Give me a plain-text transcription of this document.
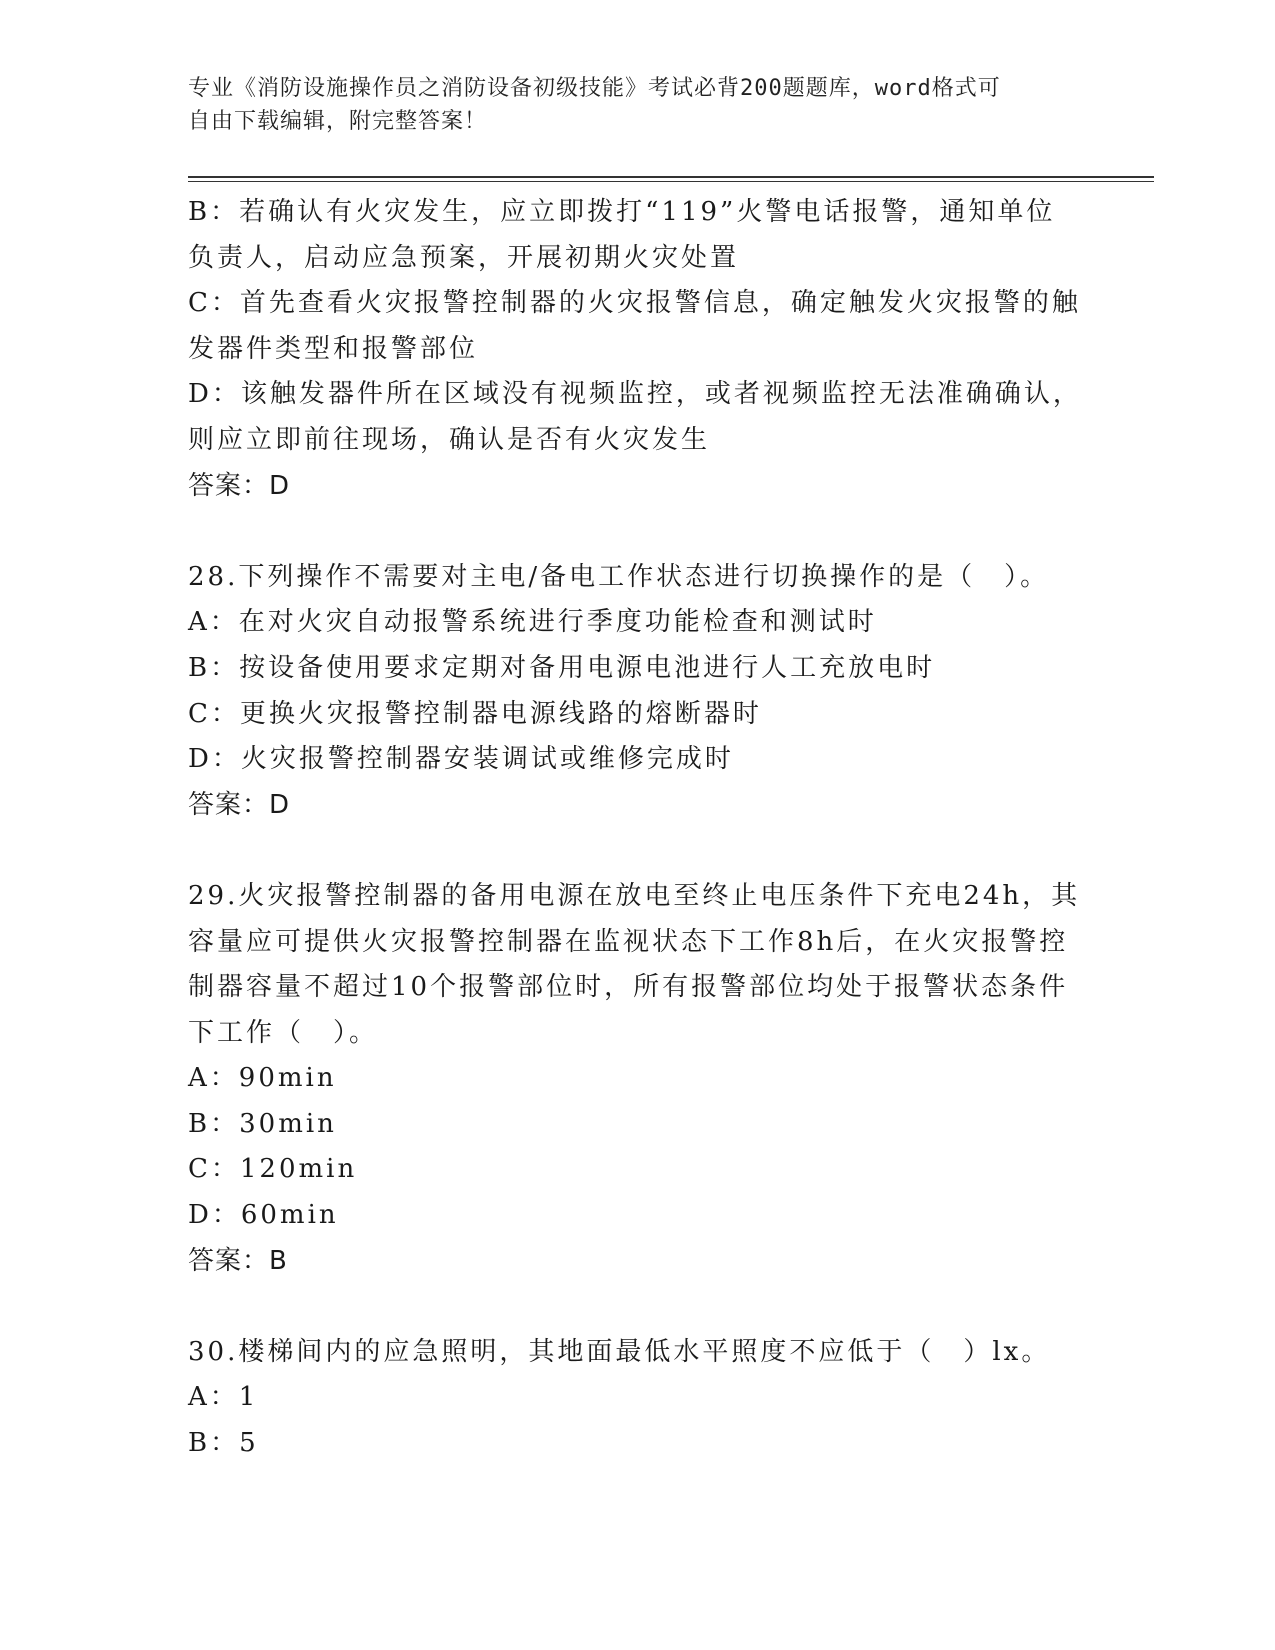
专业《消防设施操作员之消防设备初级技能》考试必背200题题库，word格式可
自由下载编辑，附完整答案！
B：若确认有火灾发生，应立即拨打“119”火警电话报警，通知单位
负责人，启动应急预案，开展初期火灾处置
C：首先查看火灾报警控制器的火灾报警信息，确定触发火灾报警的触
发器件类型和报警部位
D：该触发器件所在区域没有视频监控，或者视频监控无法准确确认，
则应立即前往现场，确认是否有火灾发生
答案：D
28.下列操作不需要对主电/备电工作状态进行切换操作的是（　）。
A：在对火灾自动报警系统进行季度功能检查和测试时
B：按设备使用要求定期对备用电源电池进行人工充放电时
C：更换火灾报警控制器电源线路的熔断器时
D：火灾报警控制器安装调试或维修完成时
答案：D
29.火灾报警控制器的备用电源在放电至终止电压条件下充电24h，其
容量应可提供火灾报警控制器在监视状态下工作8h后，在火灾报警控
制器容量不超过10个报警部位时，所有报警部位均处于报警状态条件
下工作（　）。
A：90min
B：30min
C：120min
D：60min
答案：B
30.楼梯间内的应急照明，其地面最低水平照度不应低于（　）lx。
A：1
B：5
